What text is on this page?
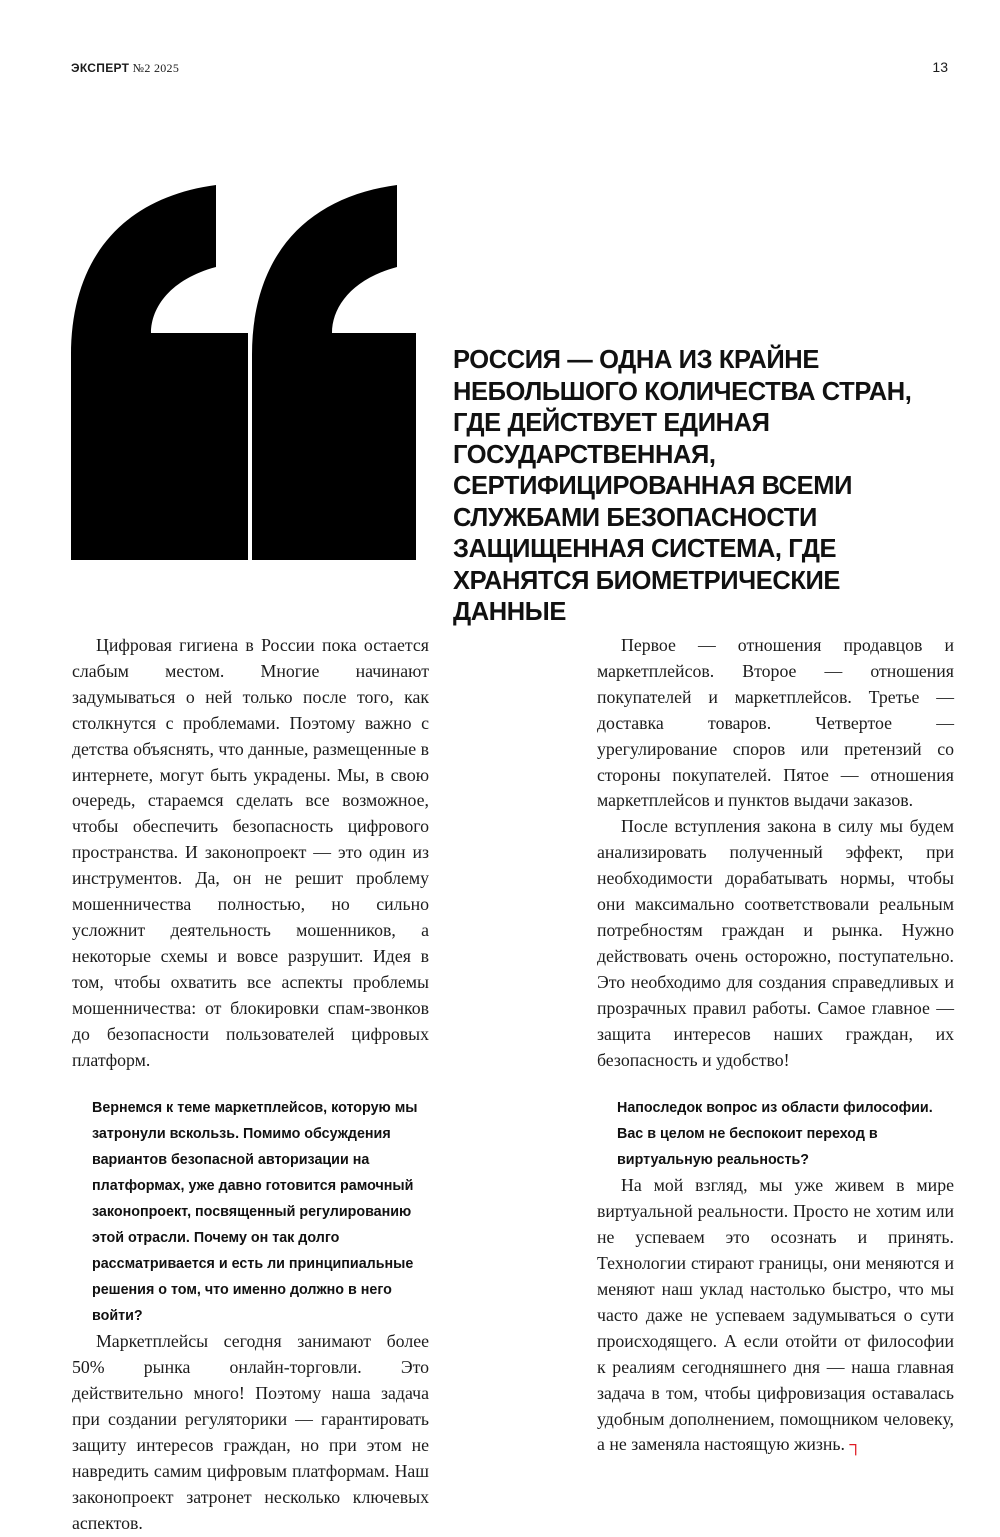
ЭКСПЕРТ №2 2025	13

РОССИЯ — ОДНА ИЗ КРАЙНЕ НЕБОЛЬШОГО КОЛИЧЕСТВА СТРАН, ГДЕ ДЕЙСТВУЕТ ЕДИНАЯ ГОСУДАРСТВЕННАЯ, СЕРТИФИЦИРОВАННАЯ ВСЕМИ СЛУЖБАМИ БЕЗОПАСНОСТИ ЗАЩИЩЕННАЯ СИСТЕМА, ГДЕ ХРАНЯТСЯ БИОМЕТРИЧЕСКИЕ ДАННЫЕ

Цифровая гигиена в России пока остается слабым местом. Многие начинают задумываться о ней только после того, как столкнутся с проблемами. Поэтому важно с детства объяснять, что данные, размещенные в интернете, могут быть украдены. Мы, в свою очередь, стараемся сделать все возможное, чтобы обеспечить безопасность цифрового пространства. И законопроект — это один из инструментов. Да, он не решит проблему мошенничества полностью, но сильно усложнит деятельность мошенников, а некоторые схемы и вовсе разрушит. Идея в том, чтобы охватить все аспекты проблемы мошенничества: от блокировки спам-звонков до безопасности пользователей цифровых платформ.

Вернемся к теме маркетплейсов, которую мы затронули вскользь. Помимо обсуждения вариантов безопасной авторизации на платформах, уже давно готовится рамочный законопроект, посвященный регулированию этой отрасли. Почему он так долго рассматривается и есть ли принципиальные решения о том, что именно должно в него войти?

Маркетплейсы сегодня занимают более 50% рынка онлайн-торговли. Это действительно много! Поэтому наша задача при создании регуляторики — гарантировать защиту интересов граждан, но при этом не навредить самим цифровым платформам. Наш законопроект затронет несколько ключевых аспектов.

Первое — отношения продавцов и маркетплейсов. Второе — отношения покупателей и маркетплейсов. Третье — доставка товаров. Четвертое — урегулирование споров или претензий со стороны покупателей. Пятое — отношения маркетплейсов и пунктов выдачи заказов.

После вступления закона в силу мы будем анализировать полученный эффект, при необходимости дорабатывать нормы, чтобы они максимально соответствовали реальным потребностям граждан и рынка. Нужно действовать очень осторожно, поступательно. Это необходимо для создания справедливых и прозрачных правил работы. Самое главное — защита интересов наших граждан, их безопасность и удобство!

Напоследок вопрос из области философии. Вас в целом не беспокоит переход в виртуальную реальность?

На мой взгляд, мы уже живем в мире виртуальной реальности. Просто не хотим или не успеваем это осознать и принять. Технологии стирают границы, они меняются и меняют наш уклад настолько быстро, что мы часто даже не успеваем задумываться о сути происходящего. А если отойти от философии к реалиям сегодняшнего дня — наша главная задача в том, чтобы цифровизация оставалась удобным дополнением, помощником человеку, а не заменяла настоящую жизнь. ┐
